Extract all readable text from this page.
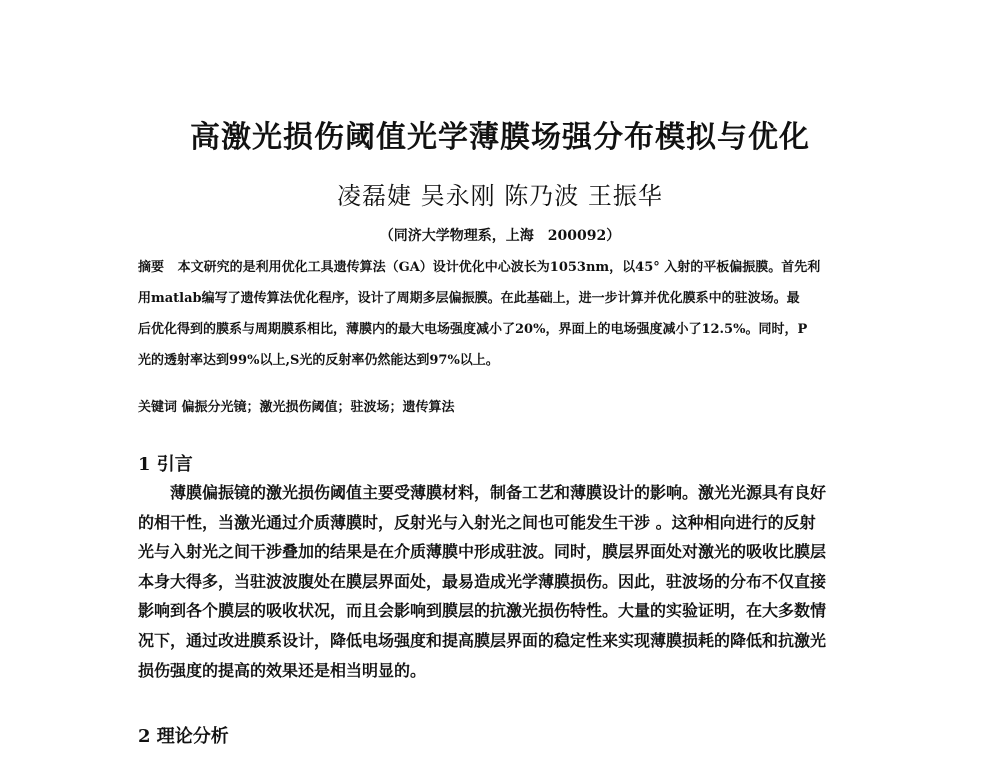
高激光损伤阈值光学薄膜场强分布模拟与优化
凌磊婕 吴永刚 陈乃波 王振华
（同济大学物理系，上海　200092）
摘要 本文研究的是利用优化工具遗传算法（GA）设计优化中心波长为1053nm，以45° 入射的平板偏振膜。首先利
用matlab编写了遗传算法优化程序，设计了周期多层偏振膜。在此基础上，进一步计算并优化膜系中的驻波场。最
后优化得到的膜系与周期膜系相比，薄膜内的最大电场强度减小了20%，界面上的电场强度减小了12.5%。同时，P
光的透射率达到99%以上,S光的反射率仍然能达到97%以上。
关键词 偏振分光镜；激光损伤阈值；驻波场；遗传算法
1 引言
  薄膜偏振镜的激光损伤阈值主要受薄膜材料，制备工艺和薄膜设计的影响。激光光源具有良好
的相干性，当激光通过介质薄膜时，反射光与入射光之间也可能发生干涉 。这种相向进行的反射
光与入射光之间干涉叠加的结果是在介质薄膜中形成驻波。同时，膜层界面处对激光的吸收比膜层
本身大得多，当驻波波腹处在膜层界面处，最易造成光学薄膜损伤。因此，驻波场的分布不仅直接
影响到各个膜层的吸收状况，而且会影响到膜层的抗激光损伤特性。大量的实验证明，在大多数情
况下，通过改进膜系设计，降低电场强度和提高膜层界面的稳定性来实现薄膜损耗的降低和抗激光
损伤强度的提高的效果还是相当明显的。
2 理论分析
